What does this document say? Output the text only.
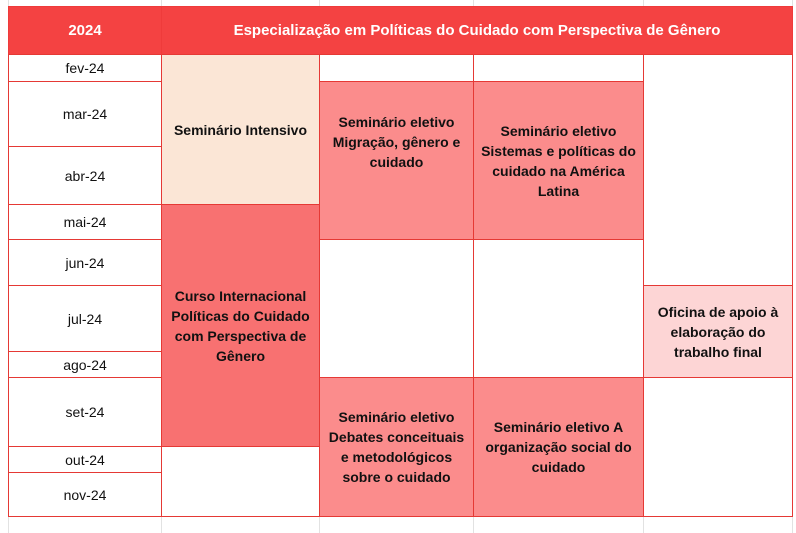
2024	Especialização em Políticas do Cuidado com Perspectiva de Gênero
fev-24
mar-24
abr-24
mai-24
jun-24
jul-24
ago-24
set-24
out-24
nov-24
Seminário Intensivo
Curso Internacional Políticas do Cuidado com Perspectiva de Gênero
Seminário eletivo Migração, gênero e cuidado
Seminário eletivo Debates conceituais e metodológicos sobre o cuidado
Seminário eletivo Sistemas e políticas do cuidado na América Latina
Seminário eletivo A organização social do cuidado
Oficina de apoio à elaboração do trabalho final
